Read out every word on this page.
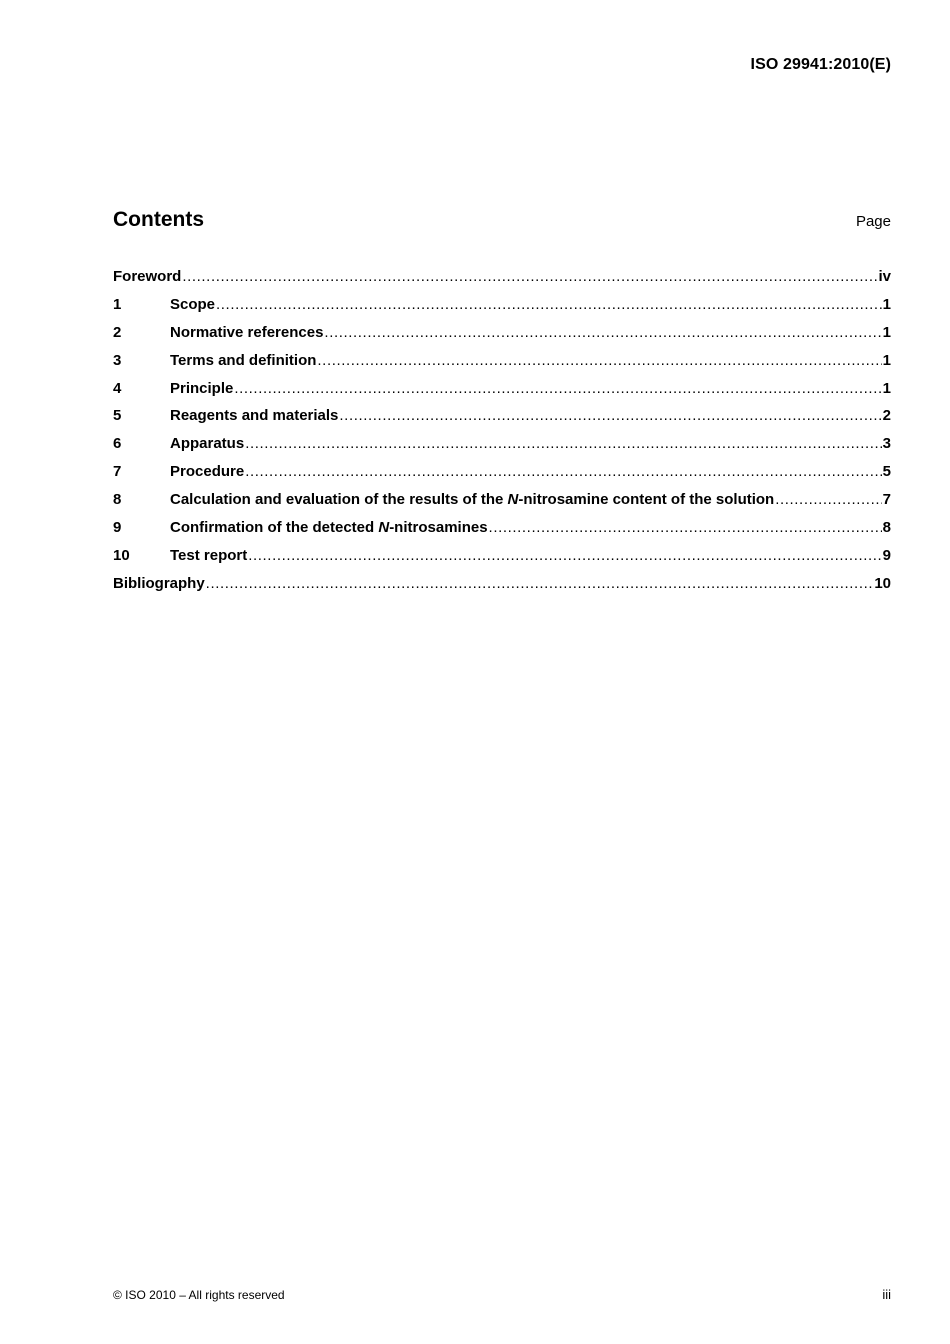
ISO 29941:2010(E)
Contents	Page
Foreword .....	iv
1	Scope .....	1
2	Normative references .....	1
3	Terms and definition .....	1
4	Principle .....	1
5	Reagents and materials .....	2
6	Apparatus .....	3
7	Procedure .....	5
8	Calculation and evaluation of the results of the N-nitrosamine content of the solution .....	7
9	Confirmation of the detected N-nitrosamines .....	8
10	Test report .....	9
Bibliography .....	10
© ISO 2010 – All rights reserved	iii
